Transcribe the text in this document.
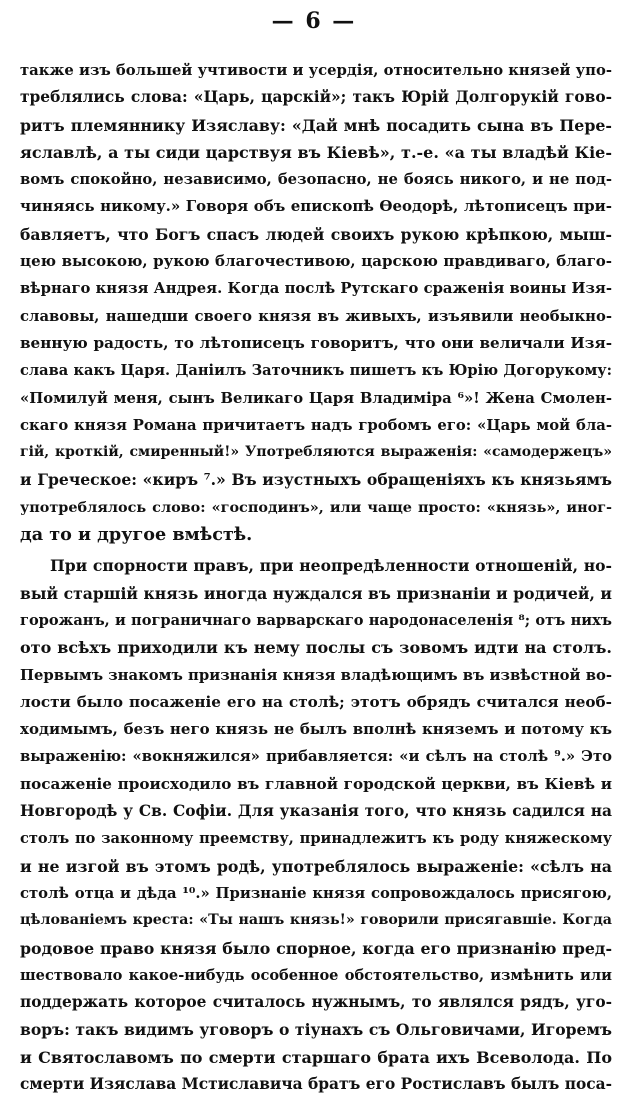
— 6 —
также изъ большей учтивости и усердія, относительно князей упо-
треблялись слова: «Царь, царскій»; такъ Юрій Долгорукій гово-
ритъ племяннику Изяславу: «Дай мнѣ посадить сына въ Пере-
яславлѣ, а ты сиди царствуя въ Кіевѣ», т.-е. «а ты владѣй Кіе-
вомъ спокойно, независимо, безопасно, не боясь никого, и не под-
чиняясь никому.» Говоря объ епископѣ Ѳеодорѣ, лѣтописецъ при-
бавляетъ, что Богъ спасъ людей своихъ рукою крѣпкою, мыш-
цею высокою, рукою благочестивою, царскою правдиваго, благо-
вѣрнаго князя Андрея. Когда послѣ Рутскаго сраженія воины Изя-
славовы, нашедши своего князя въ живыхъ, изъявили необыкно-
венную радость, то лѣтописецъ говоритъ, что они величали Изя-
слава какъ Царя. Даніилъ Заточникъ пишетъ къ Юрію Догорукому:
«Помилуй меня, сынъ Великаго Царя Владиміра ⁶»! Жена Смолен-
скаго князя Романа причитаетъ надъ гробомъ его: «Царь мой бла-
гій, кроткій, смиренный!» Употребляются выраженія: «самодержецъ»
и Греческое: «киръ ⁷.» Въ изустныхъ обращеніяхъ къ князьямъ
употреблялось слово: «господинъ», или чаще просто: «князь», иног-
да то и другое вмѣстѣ.
При спорности правъ, при неопредѣленности отношеній, но-
вый старшій князь иногда нуждался въ признаніи и родичей, и
горожанъ, и пограничнаго варварскаго народонаселенія ⁸; отъ нихъ
ото всѣхъ приходили къ нему послы съ зовомъ идти на столъ.
Первымъ знакомъ признанія князя владѣющимъ въ извѣстной во-
лости было посаженіе его на столѣ; этотъ обрядъ считался необ-
ходимымъ, безъ него князь не былъ вполнѣ княземъ и потому къ
выраженію: «вокняжился» прибавляется: «и сѣлъ на столѣ ⁹.» Это
посаженіе происходило въ главной городской церкви, въ Кіевѣ и
Новгородѣ у Св. Софіи. Для указанія того, что князь садился на
столъ по законному преемству, принадлежитъ къ роду княжескому
и не изгой въ этомъ родѣ, употреблялось выраженіе: «сѣлъ на
столѣ отца и дѣда ¹⁰.» Признаніе князя сопровождалось присягою,
цѣлованіемъ креста: «Ты нашъ князь!» говорили присягавшіе. Когда
родовое право князя было спорное, когда его признанію пред-
шествовало какое-нибудь особенное обстоятельство, измѣнить или
поддержать которое считалось нужнымъ, то являлся рядъ, уго-
воръ: такъ видимъ уговоръ о тіунахъ съ Ольговичами, Игоремъ
и Святославомъ по смерти старшаго брата ихъ Всеволода. По
смерти Изяслава Мстиславича братъ его Ростиславъ былъ поса-
